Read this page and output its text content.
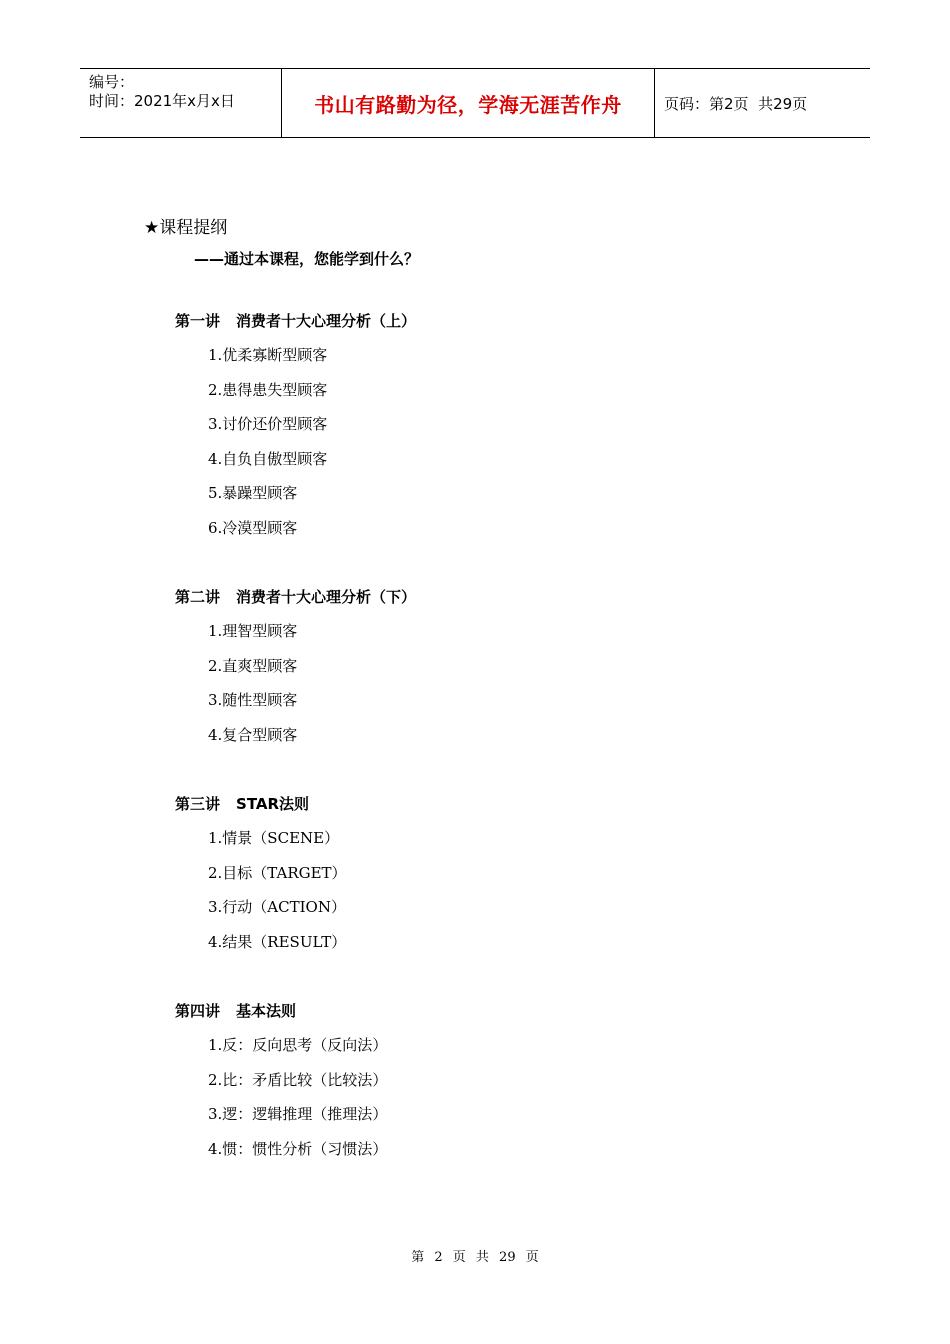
编号：
时间：2021年x月x日	书山有路勤为径，学海无涯苦作舟	页码：第2页  共29页
★课程提纲
——通过本课程，您能学到什么？
第一讲 消费者十大心理分析（上）
1.优柔寡断型顾客
2.患得患失型顾客
3.讨价还价型顾客
4.自负自傲型顾客
5.暴躁型顾客
6.冷漠型顾客
第二讲 消费者十大心理分析（下）
1.理智型顾客
2.直爽型顾客
3.随性型顾客
4.复合型顾客
第三讲 STAR法则
1.情景（SCENE）
2.目标（TARGET）
3.行动（ACTION）
4.结果（RESULT）
第四讲 基本法则
1.反：反向思考（反向法）
2.比：矛盾比较（比较法）
3.逻：逻辑推理（推理法）
4.惯：惯性分析（习惯法）
第 2 页 共 29 页
